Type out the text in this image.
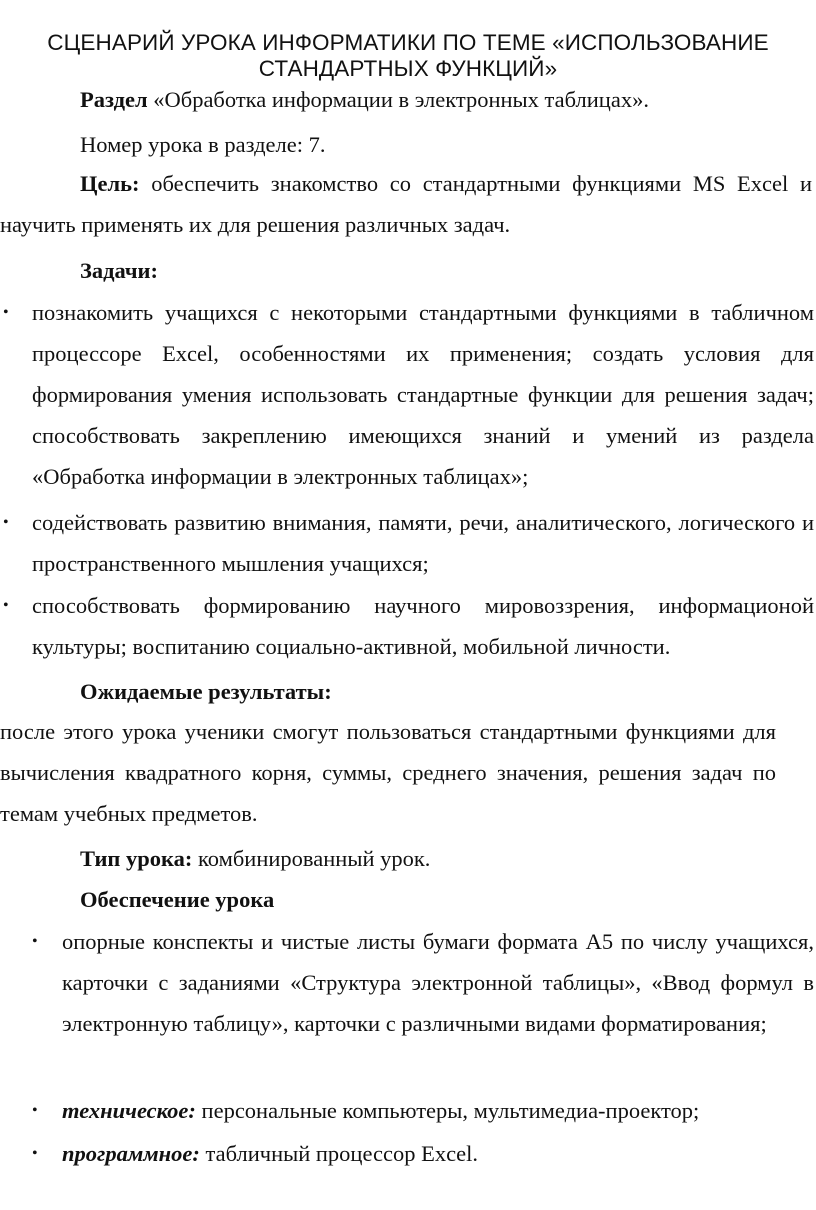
СЦЕНАРИЙ УРОКА ИНФОРМАТИКИ ПО ТЕМЕ «ИСПОЛЬЗОВАНИЕ
СТАНДАРТНЫХ ФУНКЦИЙ»

Раздел «Обработка информации в электронных таблицах».

Номер урока в разделе: 7.

Цель: обеспечить знакомство со стандартными функциями MS Excel и научить применять их для решения различных задач.

Задачи:

• познакомить учащихся с некоторыми стандартными функциями в табличном процессоре Excel, особенностями их применения; создать условия для формирования умения использовать стандартные функции для решения задач; способствовать закреплению имеющихся знаний и умений из раздела «Обработка информации в электронных таблицах»;

• содействовать развитию внимания, памяти, речи, аналитического, логического и пространственного мышления учащихся;

• способствовать формированию научного мировоззрения, информационой культуры; воспитанию социально-активной, мобильной личности.

Ожидаемые результаты:

после этого урока ученики смогут пользоваться стандартными функциями для вычисления квадратного корня, суммы, среднего значения, решения задач по темам учебных предметов.

Тип урока: комбинированный урок.

Обеспечение урока

• опорные конспекты и чистые листы бумаги формата А5 по числу учащихся, карточки с заданиями «Структура электронной таблицы», «Ввод формул в электронную таблицу», карточки с различными видами форматирования;

• техническое: персональные компьютеры, мультимедиа-проектор;

• программное: табличный процессор Excel.
